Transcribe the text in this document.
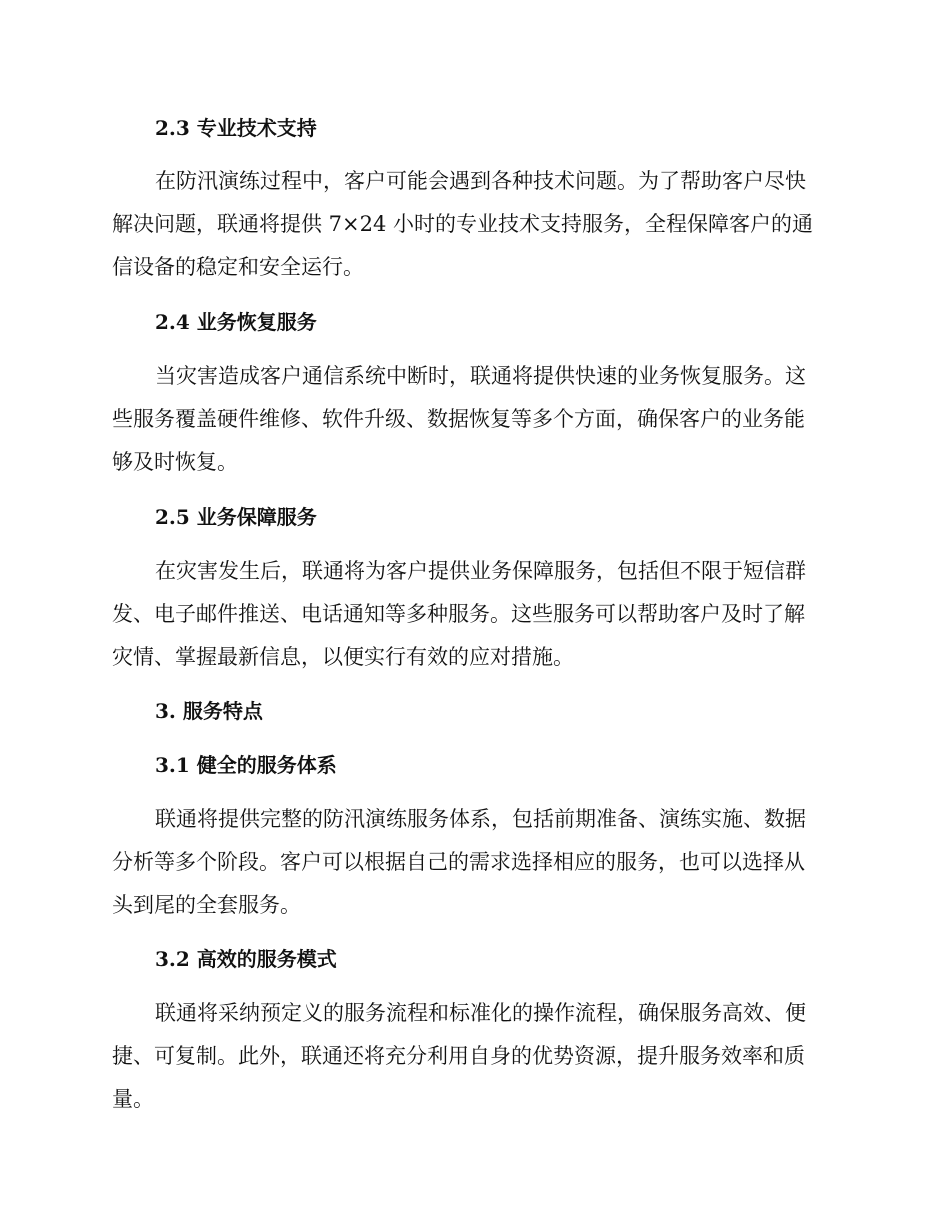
2.3 专业技术支持
在防汛演练过程中，客户可能会遇到各种技术问题。为了帮助客户尽快
解决问题，联通将提供 7×24 小时的专业技术支持服务，全程保障客户的通
信设备的稳定和安全运行。
2.4 业务恢复服务
当灾害造成客户通信系统中断时，联通将提供快速的业务恢复服务。这
些服务覆盖硬件维修、软件升级、数据恢复等多个方面，确保客户的业务能
够及时恢复。
2.5 业务保障服务
在灾害发生后，联通将为客户提供业务保障服务，包括但不限于短信群
发、电子邮件推送、电话通知等多种服务。这些服务可以帮助客户及时了解
灾情、掌握最新信息，以便实行有效的应对措施。
3. 服务特点
3.1 健全的服务体系
联通将提供完整的防汛演练服务体系，包括前期准备、演练实施、数据
分析等多个阶段。客户可以根据自己的需求选择相应的服务，也可以选择从
头到尾的全套服务。
3.2 高效的服务模式
联通将采纳预定义的服务流程和标准化的操作流程，确保服务高效、便
捷、可复制。此外，联通还将充分利用自身的优势资源，提升服务效率和质
量。
